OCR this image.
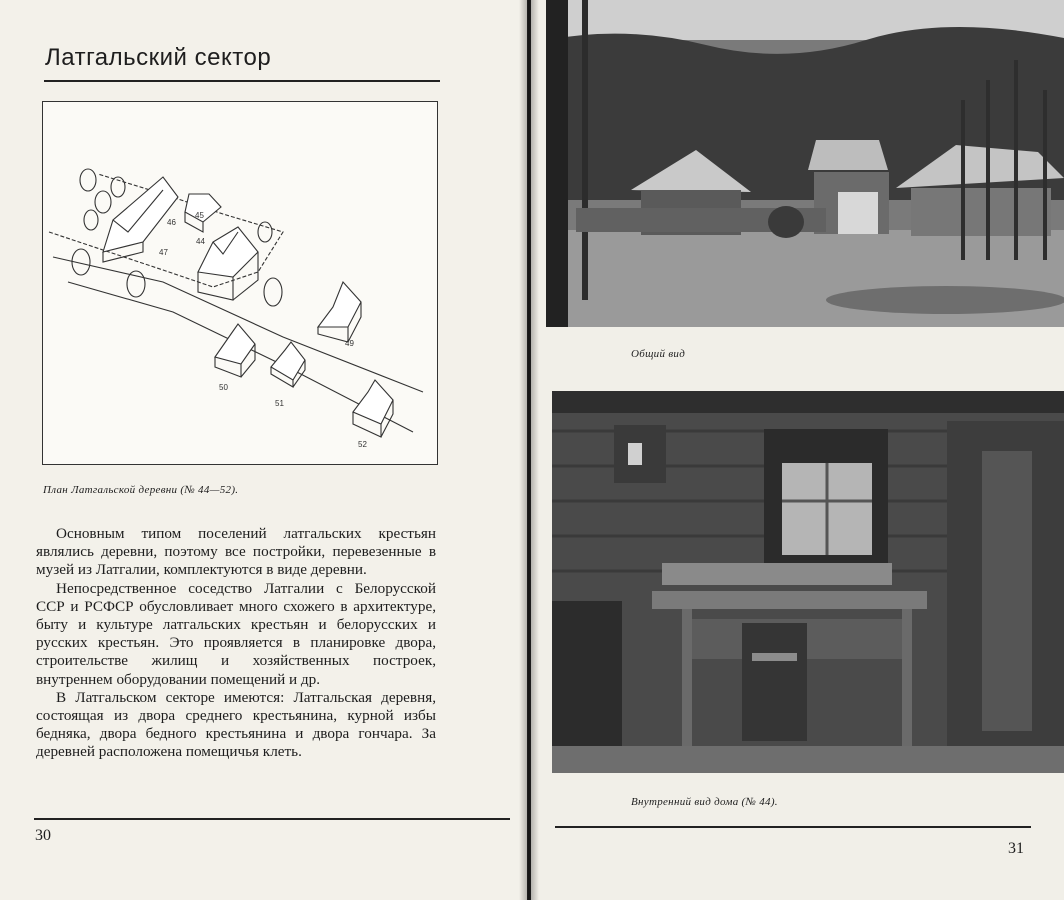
Латгальский сектор
46
45
44
47
49
50
51
52
План Латгальской деревни (№ 44—52).

Основным типом поселений латгальских крестьян являлись деревни, поэтому все постройки, перевезенные в музей из Латгалии, комплектуются в виде деревни.

Непосредственное соседство Латгалии с Белорусской ССР и РСФСР обусловливает много схожего в архитектуре, быту и культуре латгальских крестьян и белорусских и русских крестьян. Это проявляется в планировке двора, строительстве жилищ и хозяйственных построек, внутреннем оборудовании помещений и др.

В Латгальском секторе имеются: Латгальская деревня, состоящая из двора среднего крестьянина, курной избы бедняка, двора бедного крестьянина и двора гончара. За деревней расположена помещичья клеть.

30
Общий вид
Внутренний вид дома (№ 44).
31
